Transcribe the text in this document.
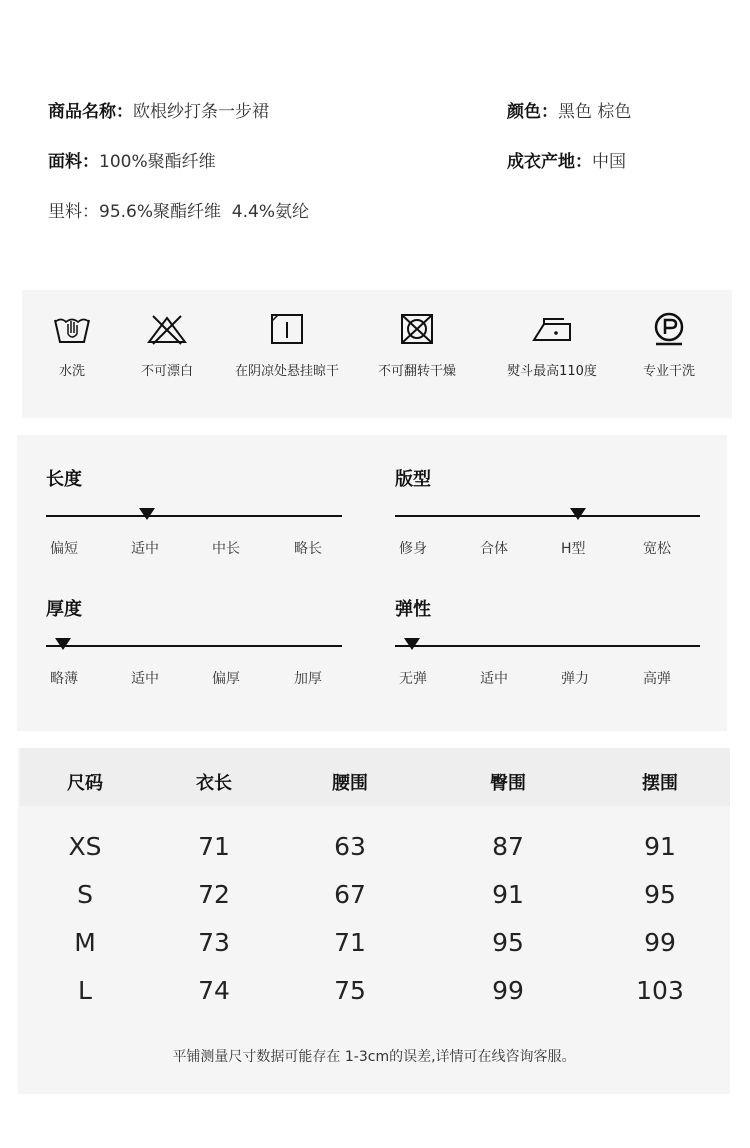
商品名称：欧根纱打条一步裙	颜色：黑色 棕色
面料：100%聚酯纤维	成衣产地：中国
里料：95.6%聚酯纤维  4.4%氨纶
水洗	不可漂白	在阴凉处悬挂晾干	不可翻转干燥	熨斗最高110度	专业干洗
长度
偏短	适中	中长	略长
版型
修身	合体	H型	宽松
厚度
略薄	适中	偏厚	加厚
弹性
无弹	适中	弹力	高弹
尺码	衣长	腰围	臀围	摆围
XS	71	63	87	91
S	72	67	91	95
M	73	71	95	99
L	74	75	99	103
平铺测量尺寸数据可能存在 1-3cm的误差,详情可在线咨询客服。
